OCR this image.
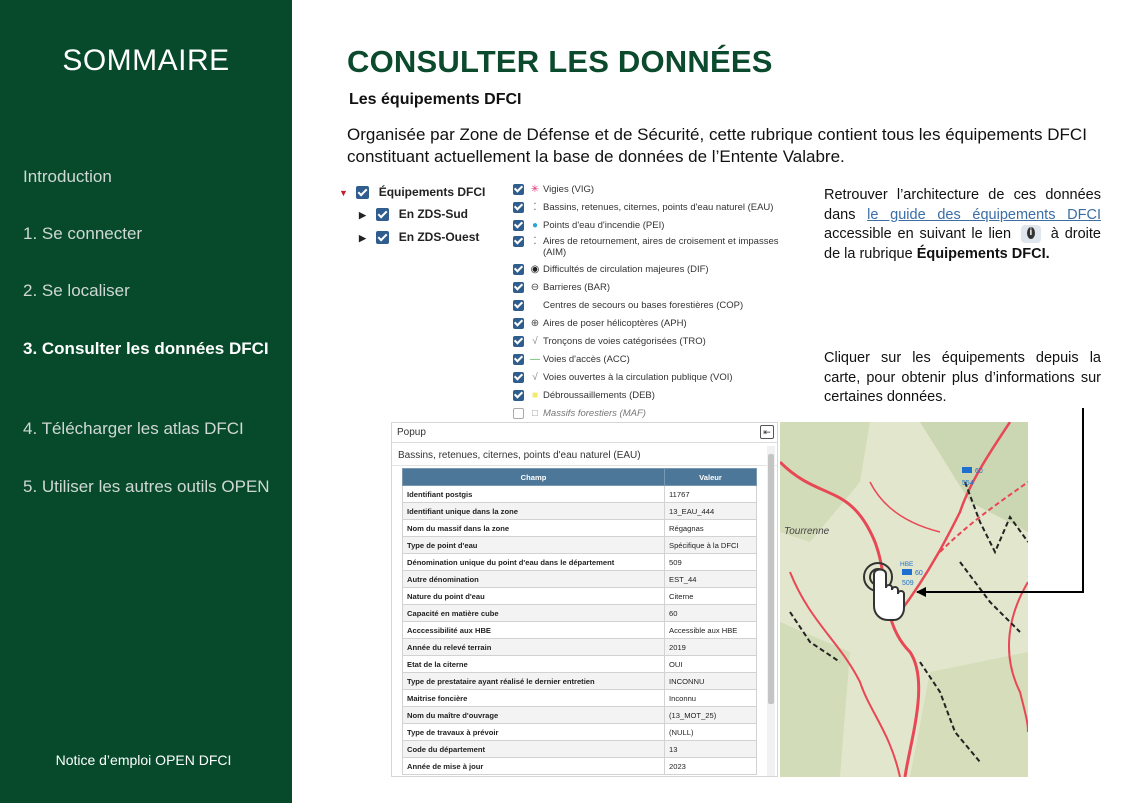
SOMMAIRE
Introduction
1. Se connecter
2. Se localiser
3. Consulter les données DFCI
4. Télécharger les atlas DFCI
5. Utiliser les autres outils OPEN
Notice d’emploi OPEN DFCI
CONSULTER LES DONNÉES
Les équipements DFCI
Organisée par Zone de Défense et de Sécurité, cette rubrique contient tous les équipements DFCI constituant actuellement la base de données de l’Entente Valabre.
▼	Équipements DFCI
▶	En ZDS-Sud
▶	En ZDS-Ouest
✳ Vigies (VIG)
⁚ Bassins, retenues, citernes, points d'eau naturel (EAU)
● Points d'eau d'incendie (PEI)
⁚ Aires de retournement, aires de croisement et impasses
(AIM)
◉ Difficultés de circulation majeures (DIF)
⊖ Barrieres (BAR)
Centres de secours ou bases forestières (COP)
⊕ Aires de poser hélicoptères (APH)
√ Tronçons de voies catégorisées (TRO)
— Voies d'accès (ACC)
√ Voies ouvertes à la circulation publique (VOI)
■ Débroussaillements (DEB)
□ Massifs forestiers (MAF)
Retrouver l’architecture de ces données dans le guide des équipements DFCI accessible en suivant le lien i à droite de la rubrique Équipements DFCI.
Cliquer sur les équipements depuis la carte, pour obtenir plus d’informations sur certaines données.
Popup	⇤
Bassins, retenues, citernes, points d'eau naturel (EAU)
Champ	Valeur
Identifiant postgis	11767
Identifiant unique dans la zone	13_EAU_444
Nom du massif dans la zone	Régagnas
Type de point d'eau	Spécifique à la DFCI
Dénomination unique du point d'eau dans le département	509
Autre dénomination	EST_44
Nature du point d'eau	Citerne
Capacité en matière cube	60
Acccessibilité aux HBE	Accessible aux HBE
Année du relevé terrain	2019
Etat de la citerne	OUI
Type de prestataire ayant réalisé le dernier entretien	INCONNU
Maitrise foncière	Inconnu
Nom du maître d'ouvrage	(13_MOT_25)
Type de travaux à prévoir	(NULL)
Code du département	13
Année de mise à jour	2023
Tourrenne
60
554
HBE
60
509
